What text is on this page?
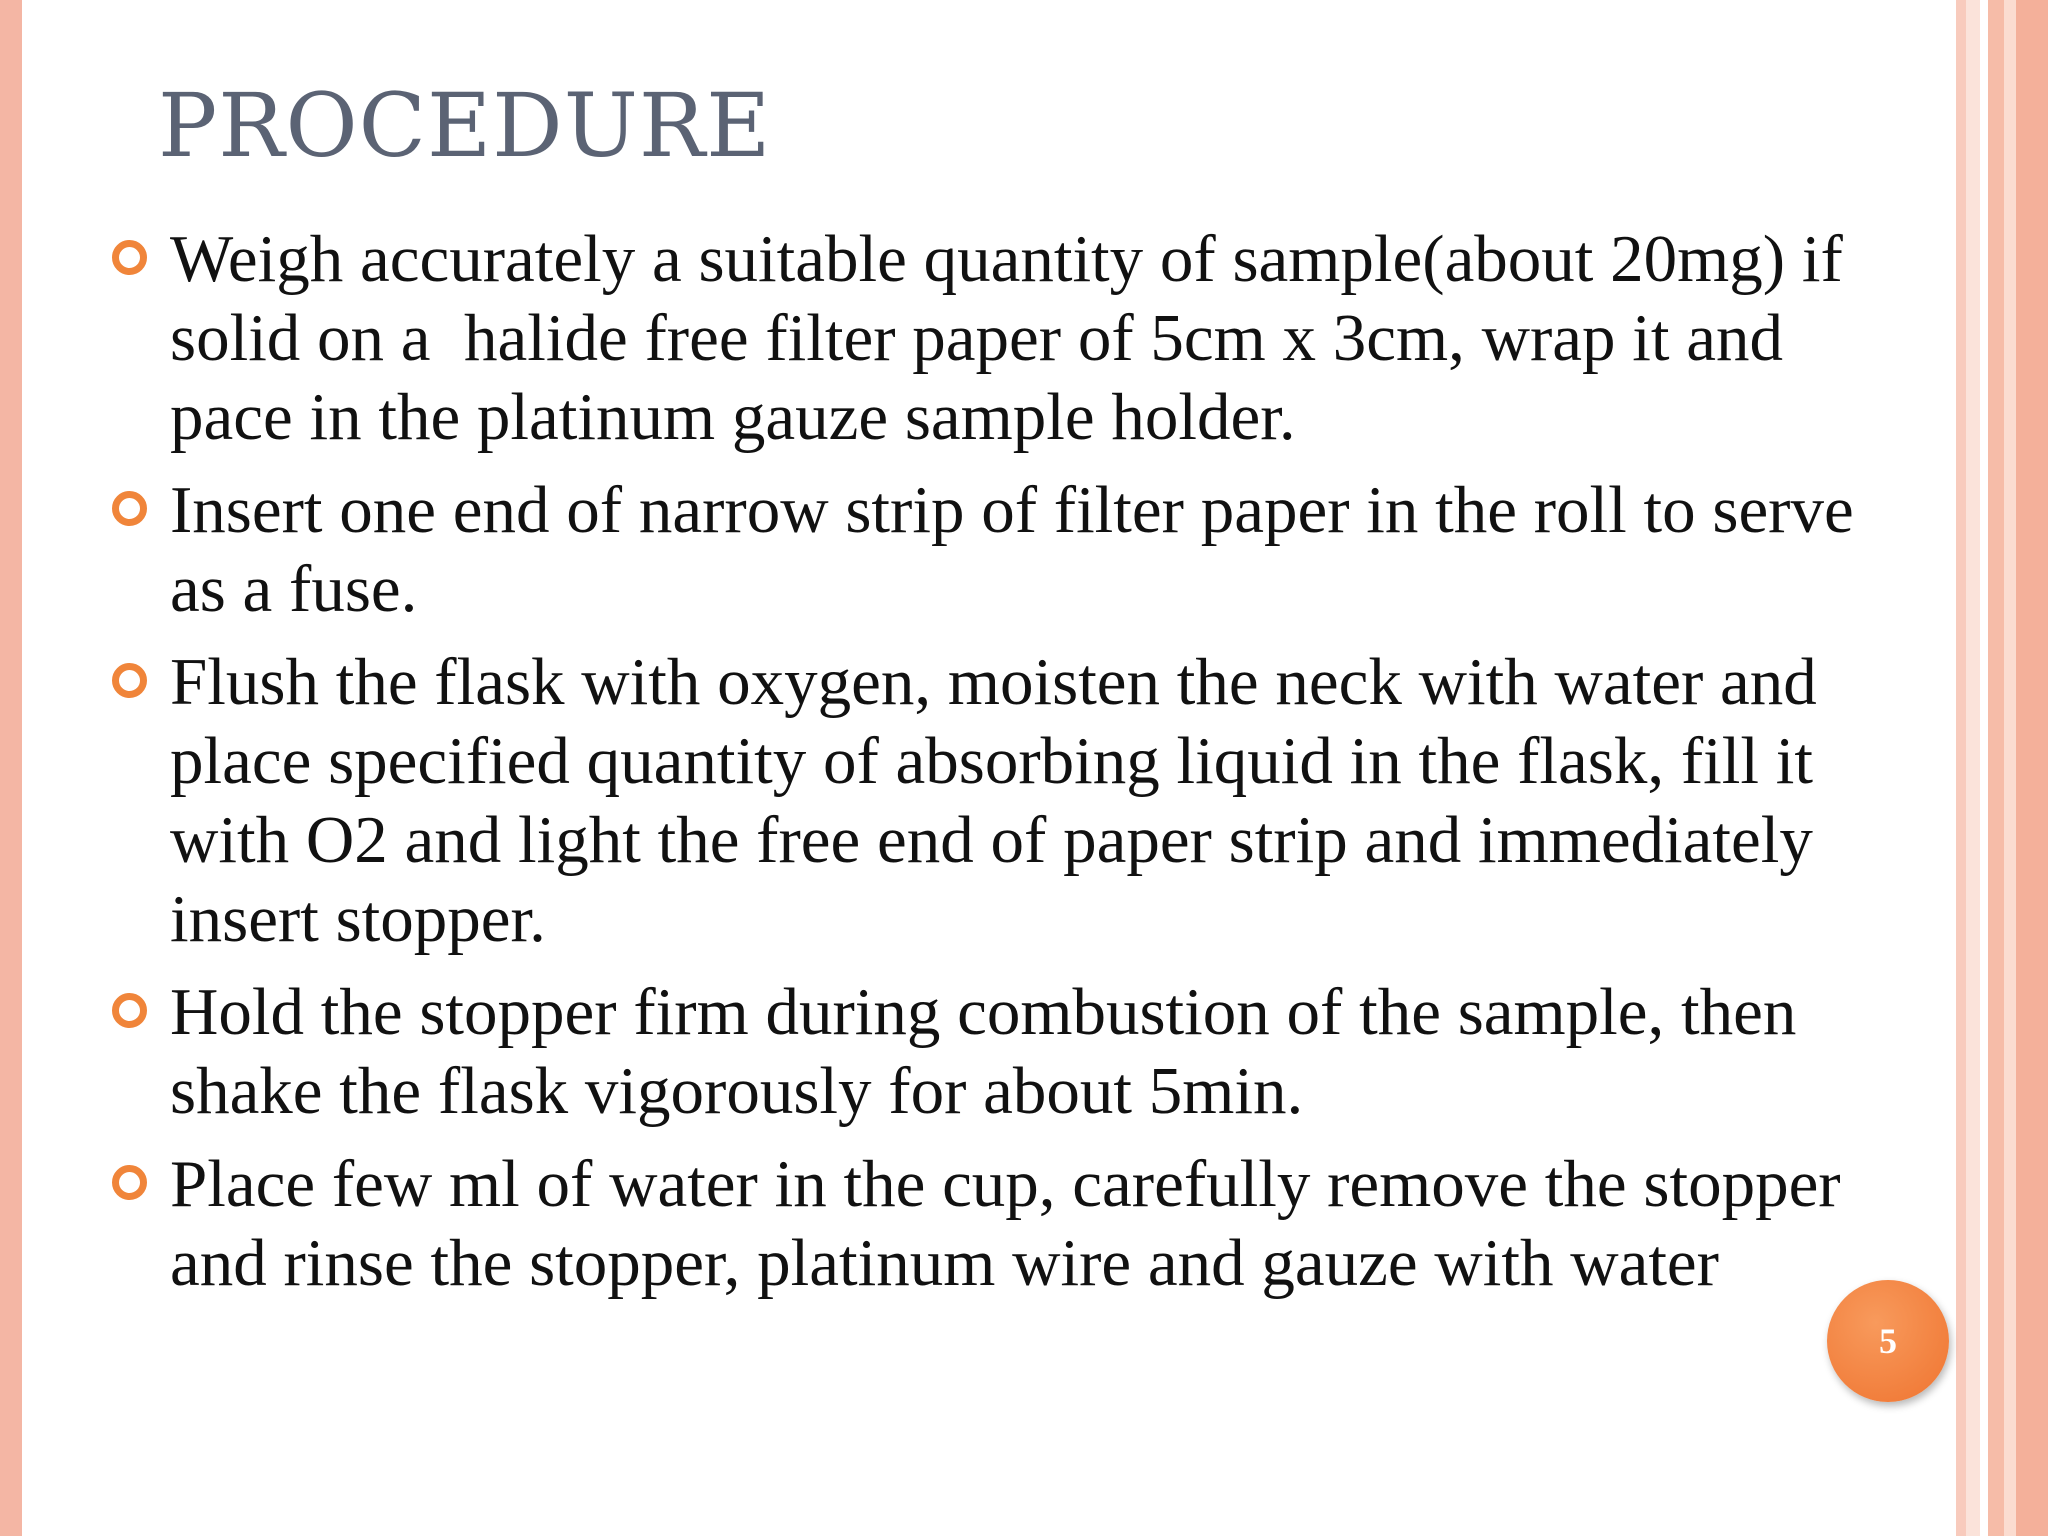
PROCEDURE
Weigh accurately a suitable quantity of sample(about 20mg) if solid on a  halide free filter paper of 5cm x 3cm, wrap it and pace in the platinum gauze sample holder.
Insert one end of narrow strip of filter paper in the roll to serve as a fuse.
Flush the flask with oxygen, moisten the neck with water and place specified quantity of absorbing liquid in the flask, fill it with O2 and light the free end of paper strip and immediately insert stopper.
Hold the stopper firm during combustion of the sample, then shake the flask vigorously for about 5min.
Place few ml of water in the cup, carefully remove the stopper and rinse the stopper, platinum wire and gauze with water
5
